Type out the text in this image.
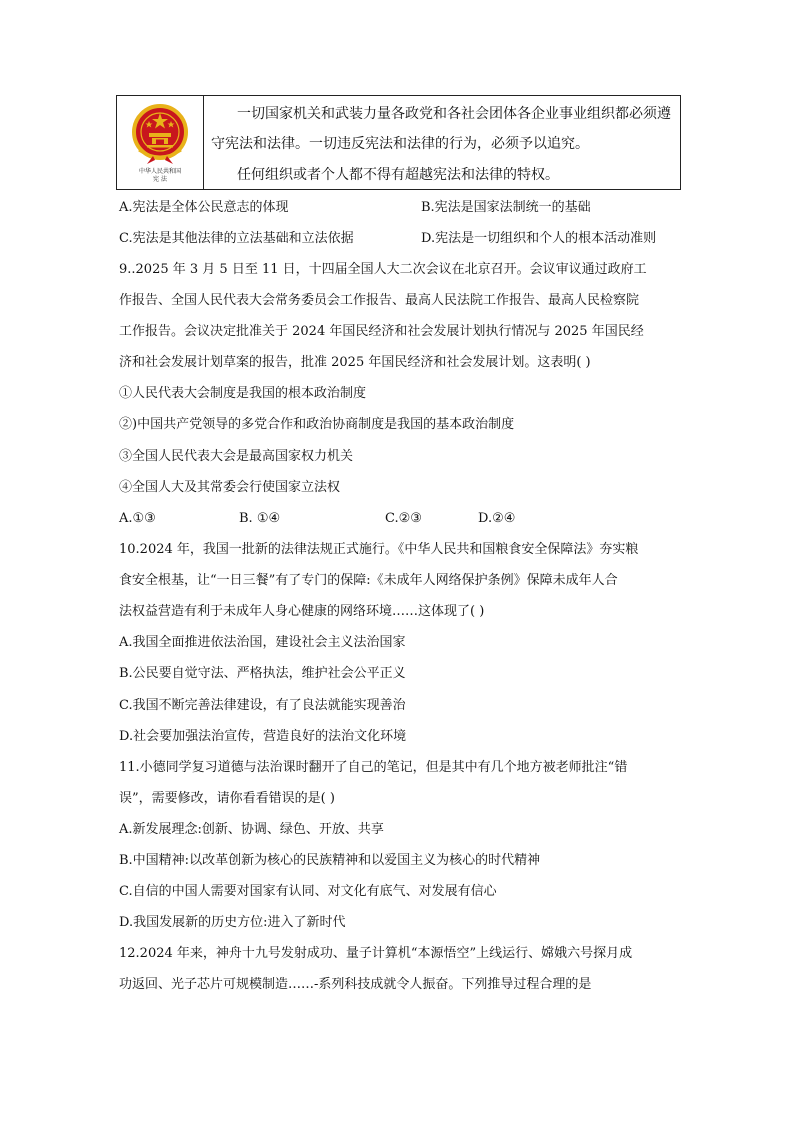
中华人民共和国
宪 法
一切国家机关和武装力量各政党和各社会团体各企业事业组织都必须遵
守宪法和法律。一切违反宪法和法律的行为，必须予以追究。
任何组织或者个人都不得有超越宪法和法律的特权。
A.宪法是全体公民意志的体现	B.宪法是国家法制统一的基础
C.宪法是其他法律的立法基础和立法依据	D.宪法是一切组织和个人的根本活动准则
9..2025 年 3 月 5 日至 11 日，十四届全国人大二次会议在北京召开。会议审议通过政府工
作报告、全国人民代表大会常务委员会工作报告、最高人民法院工作报告、最高人民检察院
工作报告。会议决定批准关于 2024 年国民经济和社会发展计划执行情况与 2025 年国民经
济和社会发展计划草案的报告，批准 2025 年国民经济和社会发展计划。这表明( )
①人民代表大会制度是我国的根本政治制度
②)中国共产党领导的多党合作和政治协商制度是我国的基本政治制度
③全国人民代表大会是最高国家权力机关
④全国人大及其常委会行使国家立法权
A.①③	B. ①④	C.②③	D.②④
10.2024 年，我国一批新的法律法规正式施行。《中华人民共和国粮食安全保障法》夯实粮
食安全根基，让“一日三餐”有了专门的保障:《未成年人网络保护条例》保障未成年人合
法权益营造有利于未成年人身心健康的网络环境……这体现了( )
A.我国全面推进依法治国，建设社会主义法治国家
B.公民要自觉守法、严格执法，维护社会公平正义
C.我国不断完善法律建设，有了良法就能实现善治
D.社会要加强法治宣传，营造良好的法治文化环境
11.小德同学复习道德与法治课时翻开了自己的笔记，但是其中有几个地方被老师批注“错
误”，需要修改，请你看看错误的是( )
A.新发展理念:创新、协调、绿色、开放、共享
B.中国精神:以改革创新为核心的民族精神和以爱国主义为核心的时代精神
C.自信的中国人需要对国家有认同、对文化有底气、对发展有信心
D.我国发展新的历史方位:进入了新时代
12.2024 年来，神舟十九号发射成功、量子计算机“本源悟空”上线运行、嫦娥六号探月成
功返回、光子芯片可规模制造……-系列科技成就令人振奋。下列推导过程合理的是
